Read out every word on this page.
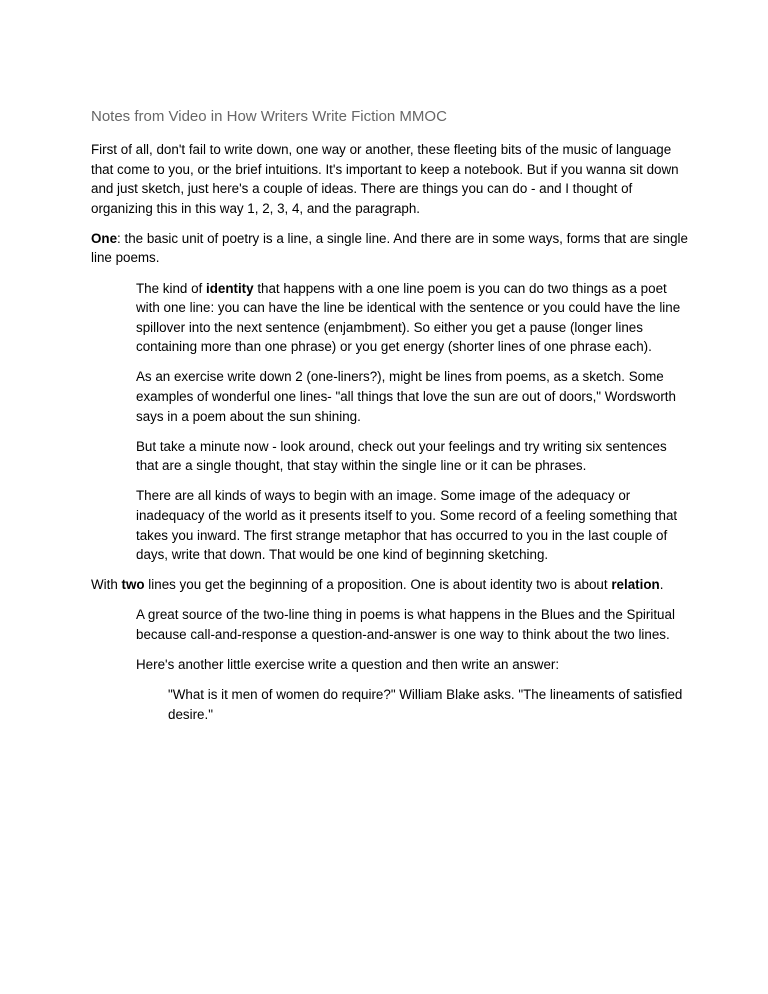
Notes from Video in How Writers Write Fiction MMOC

First of all, don't fail to write down, one way or another, these fleeting bits of the music of language that come to you, or the brief intuitions. It's important to keep a notebook. But if you wanna sit down and just sketch, just here's a couple of ideas. There are things you can do - and I thought of organizing this in this way 1, 2, 3, 4, and the paragraph.

One: the basic unit of poetry is a line, a single line. And there are in some ways, forms that are single line poems.

The kind of identity that happens with a one line poem is you can do two things as a poet with one line: you can have the line be identical with the sentence or you could have the line spillover into the next sentence (enjambment). So either you get a pause (longer lines containing more than one phrase) or you get energy (shorter lines of one phrase each).

As an exercise write down 2 (one-liners?), might be lines from poems, as a sketch. Some examples of wonderful one lines- "all things that love the sun are out of doors," Wordsworth says in a poem about the sun shining.

But take a minute now - look around, check out your feelings and try writing six sentences that are a single thought, that stay within the single line or it can be phrases.

There are all kinds of ways to begin with an image. Some image of the adequacy or inadequacy of the world as it presents itself to you. Some record of a feeling something that takes you inward. The first strange metaphor that has occurred to you in the last couple of days, write that down. That would be one kind of beginning sketching.

With two lines you get the beginning of a proposition. One is about identity two is about relation.

A great source of the two-line thing in poems is what happens in the Blues and the Spiritual because call-and-response a question-and-answer is one way to think about the two lines.

Here's another little exercise write a question and then write an answer:

"What is it men of women do require?" William Blake asks. "The lineaments of satisfied desire."
